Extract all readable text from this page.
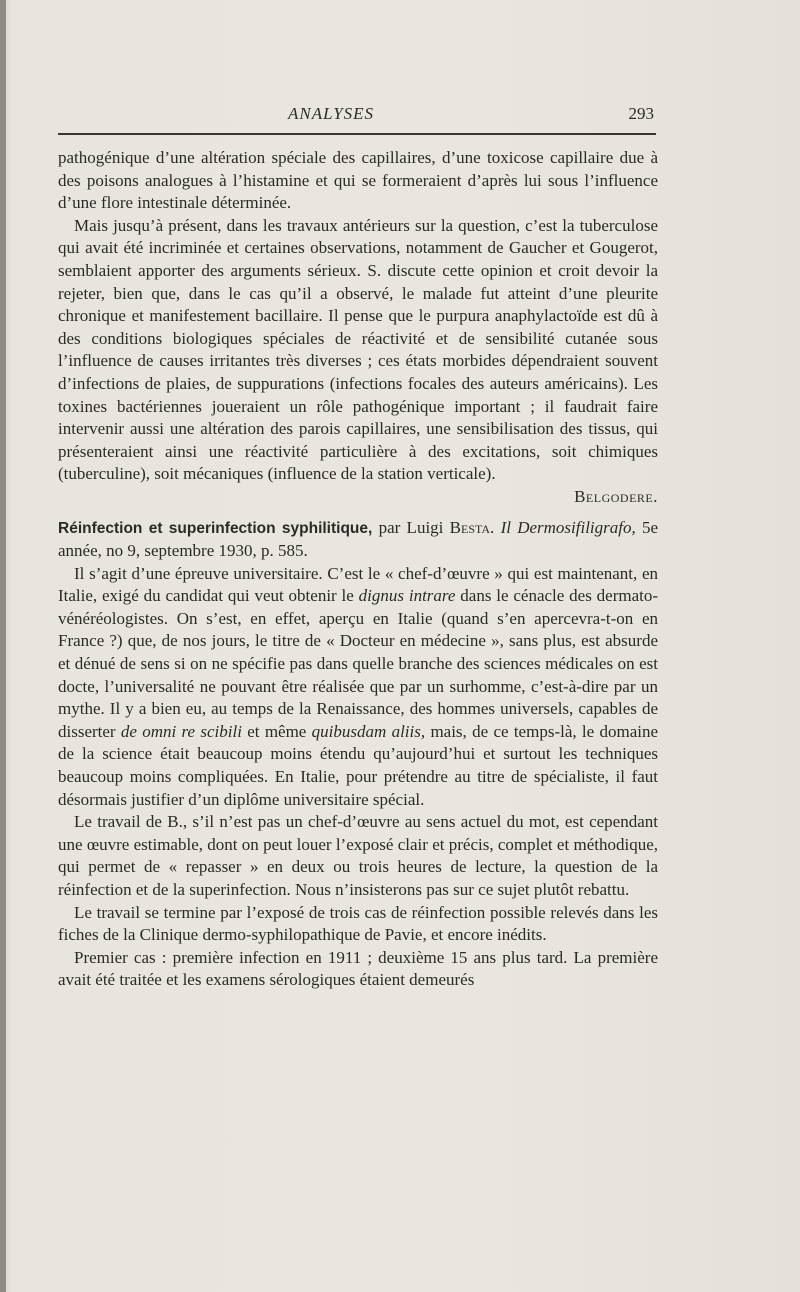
ANALYSES	293

pathogénique d’une altération spéciale des capillaires, d’une toxicose capillaire due à des poisons analogues à l’histamine et qui se formeraient d’après lui sous l’influence d’une flore intestinale déterminée.

Mais jusqu’à présent, dans les travaux antérieurs sur la question, c’est la tuberculose qui avait été incriminée et certaines observations, notamment de Gaucher et Gougerot, semblaient apporter des arguments sérieux. S. discute cette opinion et croit devoir la rejeter, bien que, dans le cas qu’il a observé, le malade fut atteint d’une pleurite chronique et manifestement bacillaire. Il pense que le purpura anaphylactoïde est dû à des conditions biologiques spéciales de réactivité et de sensibilité cutanée sous l’influence de causes irritantes très diverses ; ces états morbides dépendraient souvent d’infections de plaies, de suppurations (infections focales des auteurs américains). Les toxines bactériennes joueraient un rôle pathogénique important ; il faudrait faire intervenir aussi une altération des parois capillaires, une sensibilisation des tissus, qui présenteraient ainsi une réactivité particulière à des excitations, soit chimiques (tuberculine), soit mécaniques (influence de la station verticale).

Belgodere.

Réinfection et superinfection syphilitique, par Luigi Besta. Il Dermosifiligrafo, 5e année, no 9, septembre 1930, p. 585.

Il s’agit d’une épreuve universitaire. C’est le « chef-d’œuvre » qui est maintenant, en Italie, exigé du candidat qui veut obtenir le dignus intrare dans le cénacle des dermato-vénéréologistes. On s’est, en effet, aperçu en Italie (quand s’en apercevra-t-on en France ?) que, de nos jours, le titre de « Docteur en médecine », sans plus, est absurde et dénué de sens si on ne spécifie pas dans quelle branche des sciences médicales on est docte, l’universalité ne pouvant être réalisée que par un surhomme, c’est-à-dire par un mythe. Il y a bien eu, au temps de la Renaissance, des hommes universels, capables de disserter de omni re scibili et même quibusdam aliis, mais, de ce temps-là, le domaine de la science était beaucoup moins étendu qu’aujourd’hui et surtout les techniques beaucoup moins compliquées. En Italie, pour prétendre au titre de spécialiste, il faut désormais justifier d’un diplôme universitaire spécial.

Le travail de B., s’il n’est pas un chef-d’œuvre au sens actuel du mot, est cependant une œuvre estimable, dont on peut louer l’exposé clair et précis, complet et méthodique, qui permet de « repasser » en deux ou trois heures de lecture, la question de la réinfection et de la superinfection. Nous n’insisterons pas sur ce sujet plutôt rebattu.

Le travail se termine par l’exposé de trois cas de réinfection possible relevés dans les fiches de la Clinique dermo-syphilopathique de Pavie, et encore inédits.

Premier cas : première infection en 1911 ; deuxième 15 ans plus tard. La première avait été traitée et les examens sérologiques étaient demeurés
